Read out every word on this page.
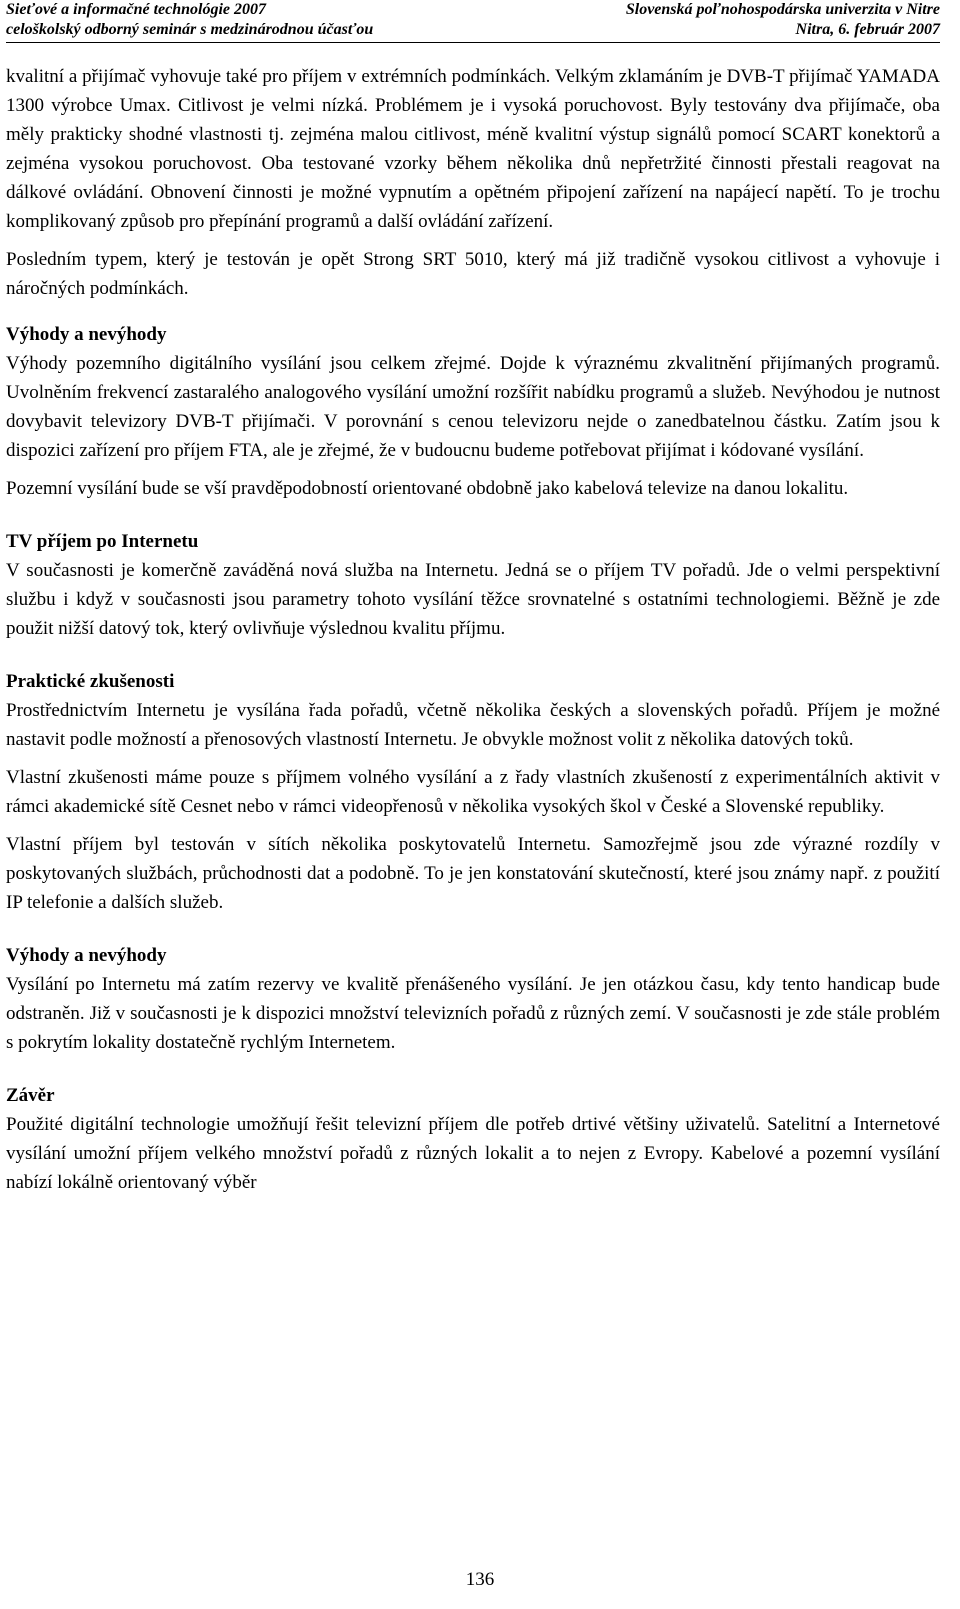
Sieťové a informačné technológie 2007	Slovenská poľnohospodárska univerzita v Nitre
celoškolský odborný seminár s medzinárodnou účasťou	Nitra, 6. február 2007

kvalitní a přijímač vyhovuje také pro příjem v extrémních podmínkách. Velkým zklamáním je DVB-T přijímač YAMADA 1300 výrobce Umax. Citlivost je velmi nízká. Problémem je i vysoká poruchovost. Byly testovány dva přijímače, oba měly prakticky shodné vlastnosti tj. zejména malou citlivost, méně kvalitní výstup signálů pomocí SCART konektorů a zejména vysokou poruchovost. Oba testované vzorky během několika dnů nepřetržité činnosti přestali reagovat na dálkové ovládání. Obnovení činnosti je možné vypnutím a opětném připojení zařízení na napájecí napětí. To je trochu komplikovaný způsob pro přepínání programů a další ovládání zařízení.

Posledním typem, který je testován je opět Strong SRT 5010, který má již tradičně vysokou citlivost a vyhovuje i náročných podmínkách.

Výhody a nevýhody

Výhody pozemního digitálního vysílání jsou celkem zřejmé. Dojde k výraznému zkvalitnění přijímaných programů. Uvolněním frekvencí zastaralého analogového vysílání umožní rozšířit nabídku programů a služeb. Nevýhodou je nutnost dovybavit televizory DVB-T přijímači. V porovnání s cenou televizoru nejde o zanedbatelnou částku. Zatím jsou k dispozici zařízení pro příjem FTA, ale je zřejmé, že v budoucnu budeme potřebovat přijímat i kódované vysílání.

Pozemní vysílání bude se vší pravděpodobností orientované obdobně jako kabelová televize na danou lokalitu.

TV příjem po Internetu

V současnosti je komerčně zaváděná nová služba na Internetu. Jedná se o příjem TV pořadů. Jde o velmi perspektivní službu i když v současnosti jsou parametry tohoto vysílání těžce srovnatelné s ostatními technologiemi. Běžně je zde použit nižší datový tok, který ovlivňuje výslednou kvalitu příjmu.

Praktické zkušenosti

Prostřednictvím Internetu je vysílána řada pořadů, včetně několika českých a slovenských pořadů. Příjem je možné nastavit podle možností a přenosových vlastností Internetu. Je obvykle možnost volit z několika datových toků.

Vlastní zkušenosti máme pouze s příjmem volného vysílání a z řady vlastních zkušeností z experimentálních aktivit v rámci akademické sítě Cesnet nebo v rámci videopřenosů v několika vysokých škol v České a Slovenské republiky.

Vlastní příjem byl testován v sítích několika poskytovatelů Internetu. Samozřejmě jsou zde výrazné rozdíly v poskytovaných službách, průchodnosti dat a podobně. To je jen konstatování skutečností, které jsou známy např. z použití IP telefonie a dalších služeb.

Výhody a nevýhody

Vysílání po Internetu má zatím rezervy ve kvalitě přenášeného vysílání. Je jen otázkou času, kdy tento handicap bude odstraněn. Již v současnosti je k dispozici množství televizních pořadů z různých zemí. V současnosti je zde stále problém s pokrytím lokality dostatečně rychlým Internetem.

Závěr

Použité digitální technologie umožňují řešit televizní příjem dle potřeb drtivé většiny uživatelů. Satelitní a Internetové vysílání umožní příjem velkého množství pořadů z různých lokalit a to nejen z Evropy. Kabelové a pozemní vysílání nabízí lokálně orientovaný výběr

136
